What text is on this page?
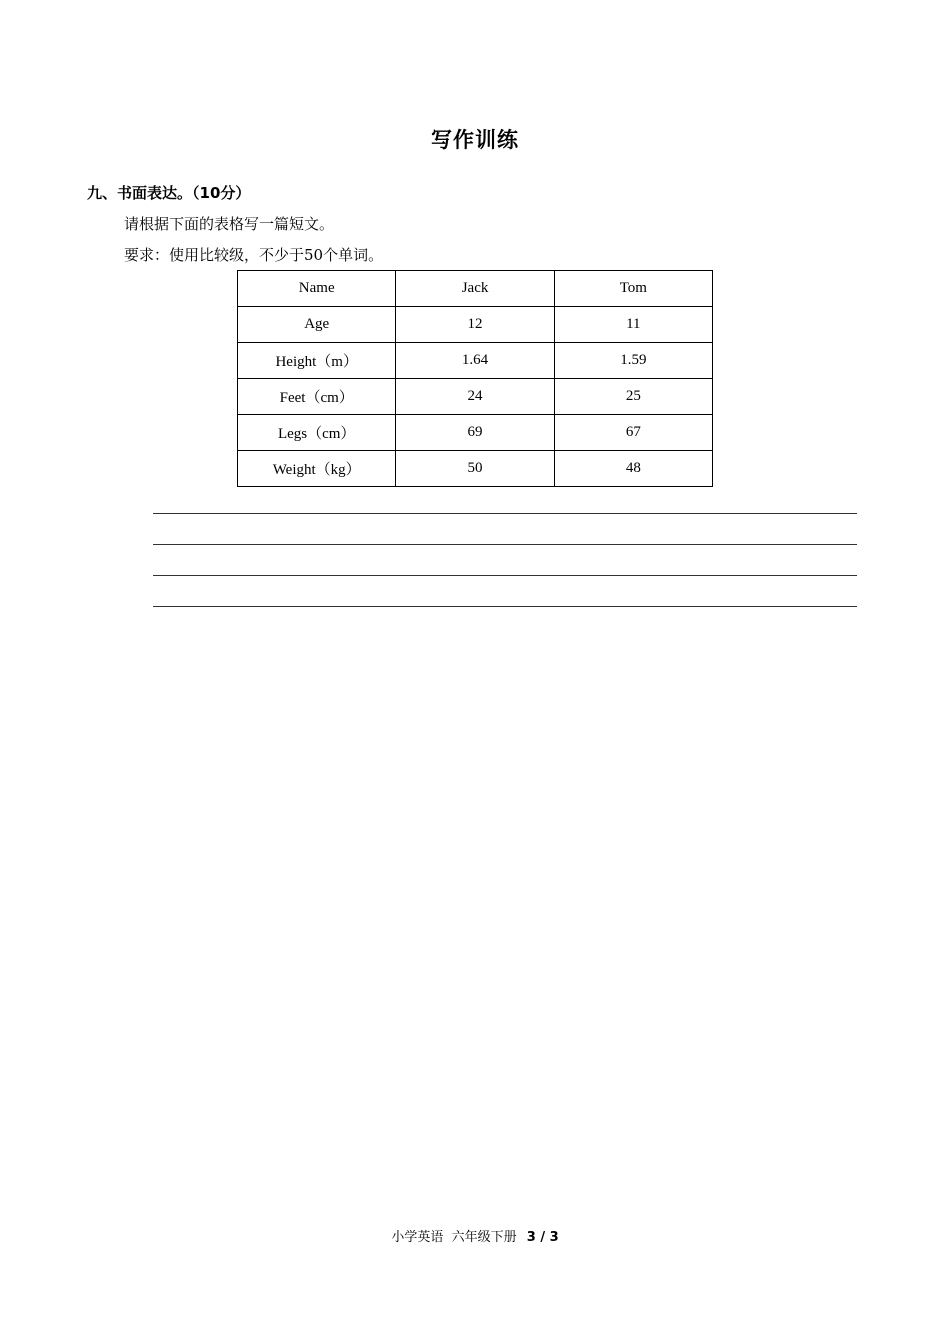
写作训练
九、书面表达。（10分）
请根据下面的表格写一篇短文。
要求：使用比较级，不少于50个单词。
Name	Jack	Tom
Age	12	11
Height（m）	1.64	1.59
Feet（cm）	24	25
Legs（cm）	69	67
Weight（kg）	50	48
小学英语  六年级下册 3 / 3
